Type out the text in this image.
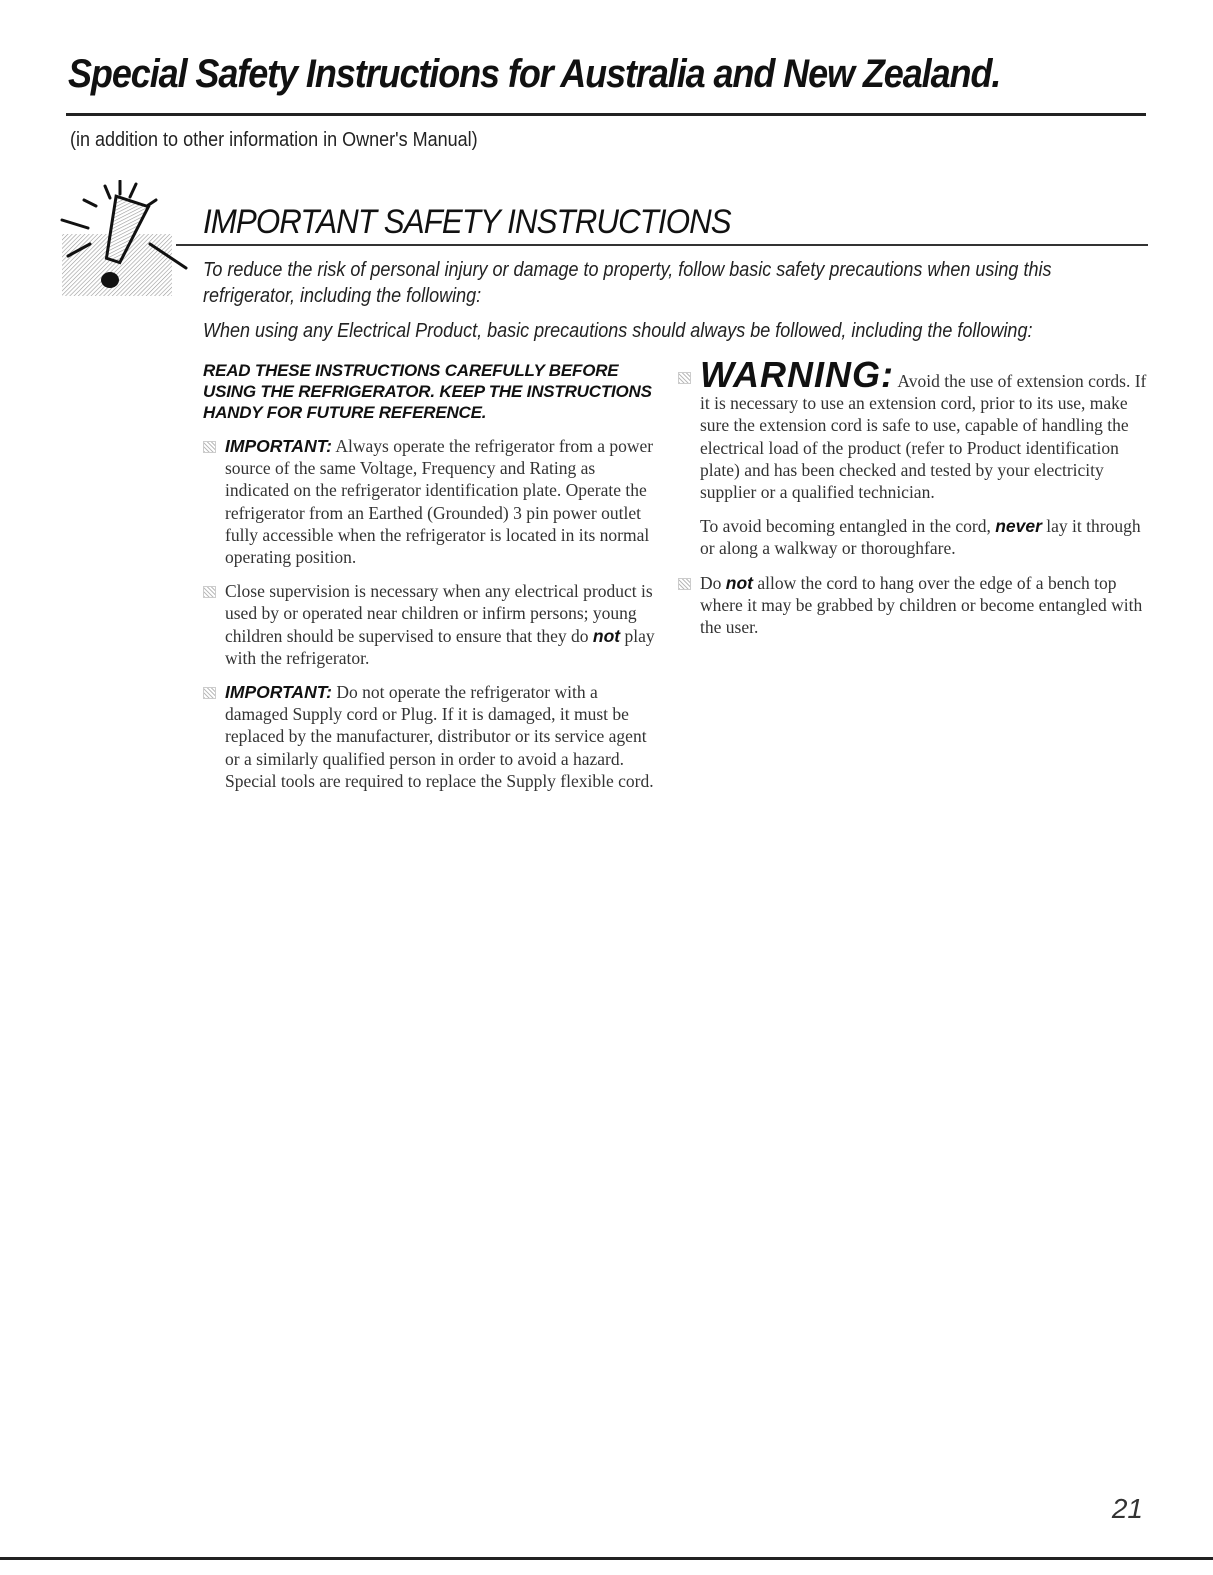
Special Safety Instructions for Australia and New Zealand.
(in addition to other information in Owner's Manual)
IMPORTANT SAFETY INSTRUCTIONS
To reduce the risk of personal injury or damage to property, follow basic safety precautions when using this refrigerator, including the following:
When using any Electrical Product, basic precautions should always be followed, including the following:

READ THESE INSTRUCTIONS CAREFULLY BEFORE USING THE REFRIGERATOR. KEEP THE INSTRUCTIONS HANDY FOR FUTURE REFERENCE.

IMPORTANT: Always operate the refrigerator from a power source of the same Voltage, Frequency and Rating as indicated on the refrigerator identification plate. Operate the refrigerator from an Earthed (Grounded) 3 pin power outlet fully accessible when the refrigerator is located in its normal operating position.

Close supervision is necessary when any electrical product is used by or operated near children or infirm persons; young children should be supervised to ensure that they do not play with the refrigerator.

IMPORTANT: Do not operate the refrigerator with a damaged Supply cord or Plug. If it is damaged, it must be replaced by the manufacturer, distributor or its service agent or a similarly qualified person in order to avoid a hazard. Special tools are required to replace the Supply flexible cord.

WARNING: Avoid the use of extension cords. If it is necessary to use an extension cord, prior to its use, make sure the extension cord is safe to use, capable of handling the electrical load of the product (refer to Product identification plate) and has been checked and tested by your electricity supplier or a qualified technician.

To avoid becoming entangled in the cord, never lay it through or along a walkway or thoroughfare.

Do not allow the cord to hang over the edge of a bench top where it may be grabbed by children or become entangled with the user.

21
